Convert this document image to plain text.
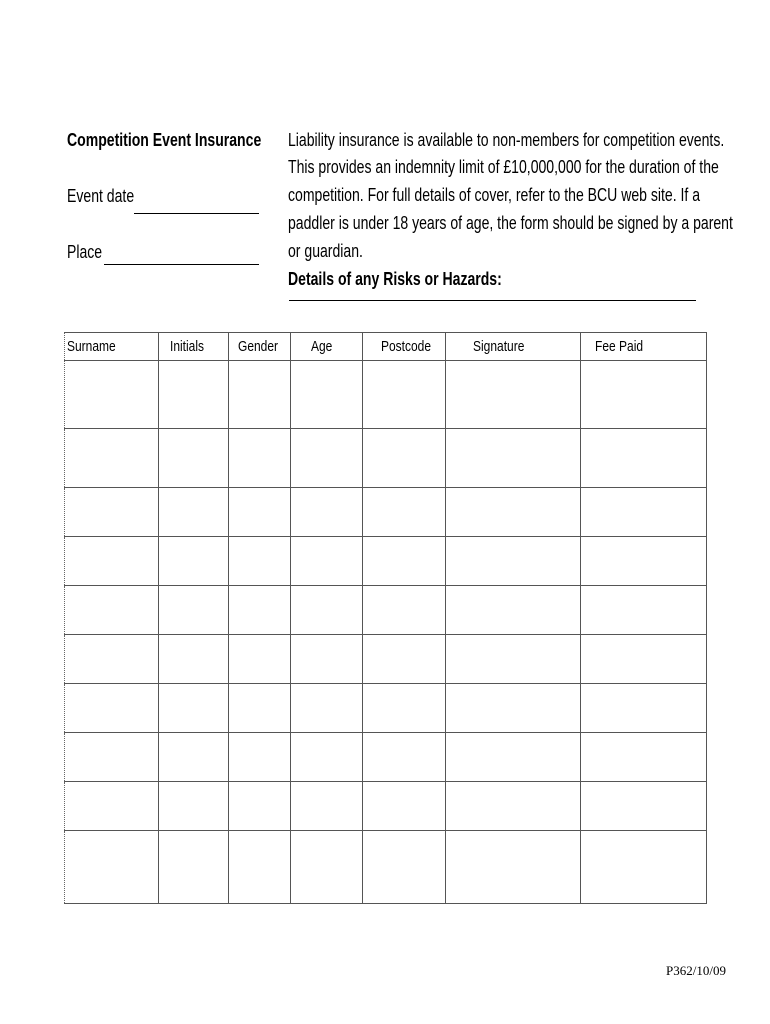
Competition Event Insurance
Event date
Place
Liability insurance is available to non-members for competition events.
This provides an indemnity limit of £10,000,000 for the duration of the
competition. For full details of cover, refer to the BCU web site. If a
paddler is under 18 years of age, the form should be signed by a parent
or guardian.
Details of any Risks or Hazards:
Surname	Initials	Gender	Age	Postcode	Signature	Fee Paid

P362/10/09
